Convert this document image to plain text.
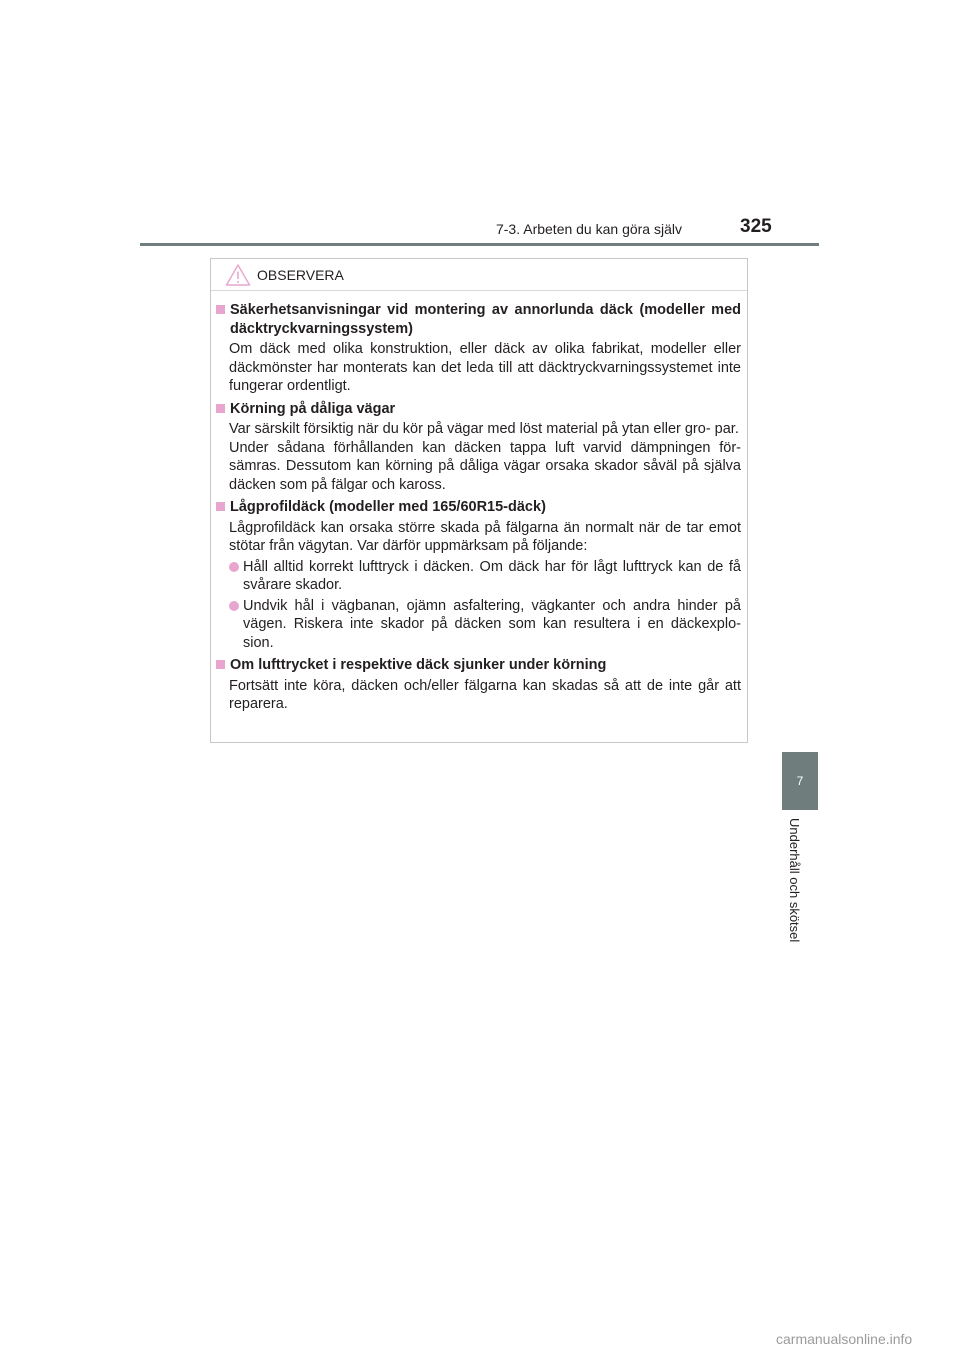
7-3. Arbeten du kan göra själv	325
7
Underhåll och skötsel
OBSERVERA
Säkerhetsanvisningar vid montering av annorlunda däck (modeller med däcktryckvarningssystem)

Om däck med olika konstruktion, eller däck av olika fabrikat, modeller eller däckmönster har monterats kan det leda till att däcktryckvarningssystemet inte fungerar ordentligt.

Körning på dåliga vägar

Var särskilt försiktig när du kör på vägar med löst material på ytan eller gro- par.

Under sådana förhållanden kan däcken tappa luft varvid dämpningen för- sämras. Dessutom kan körning på dåliga vägar orsaka skador såväl på själva däcken som på fälgar och kaross.

Lågprofildäck (modeller med 165/60R15-däck)

Lågprofildäck kan orsaka större skada på fälgarna än normalt när de tar emot stötar från vägytan. Var därför uppmärksam på följande:

Håll alltid korrekt lufttryck i däcken. Om däck har för lågt lufttryck kan de få svårare skador.
Undvik hål i vägbanan, ojämn asfaltering, vägkanter och andra hinder på vägen. Riskera inte skador på däcken som kan resultera i en däckexplo- sion.
Om lufttrycket i respektive däck sjunker under körning

Fortsätt inte köra, däcken och/eller fälgarna kan skadas så att de inte går att reparera.

carmanualsonline.info
